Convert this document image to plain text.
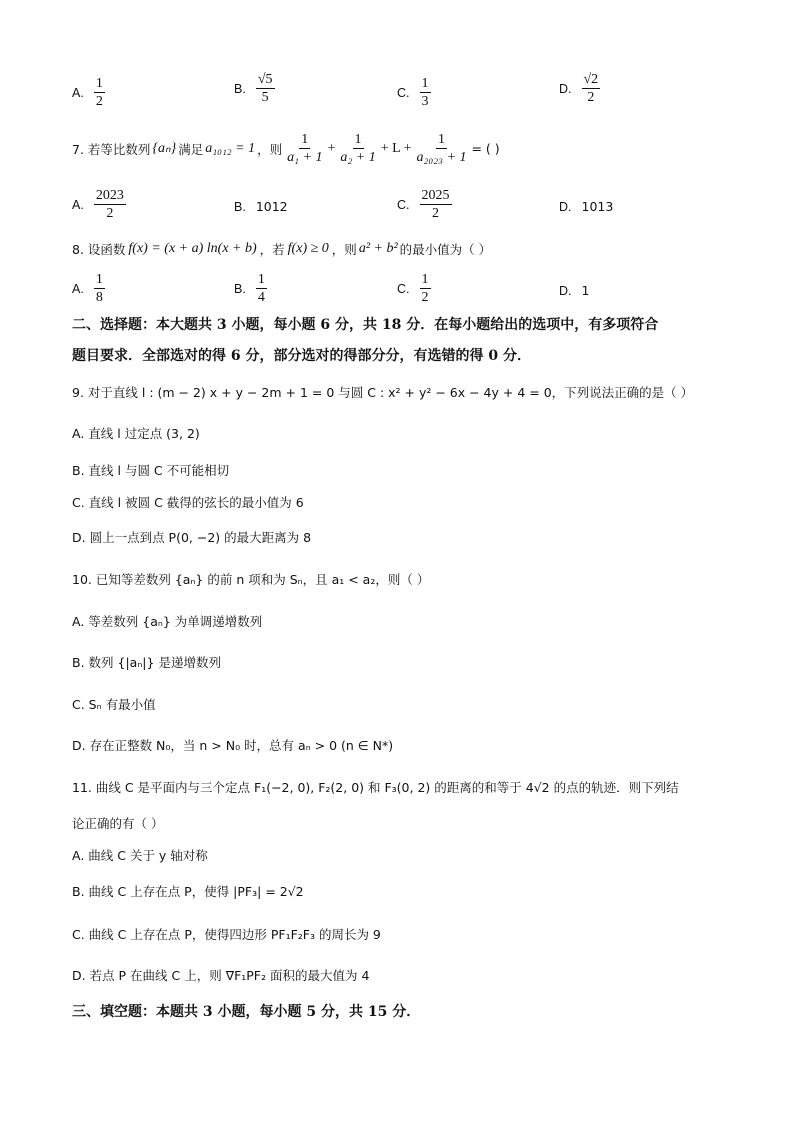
A. $\frac{1}{2}$	B. $\frac{√5}{5}$	C. $\frac{1}{3}$	D. $\frac{√2}{2}$
7. 若等比数列 {aₙ} 满足 a₁₀₁₂ = 1 ，则 $\frac{1}{\text{a₁ + 1}} + \frac{1}{\text{a₂ + 1}} + L + \frac{1}{\text{a₂₀₂₃ + 1}}$ = ( )
A. $\frac{2023}{2}$	B. 1012	C. $\frac{2025}{2}$	D. 1013
8. 设函数 f(x) = (x + a) ln(x + b) ，若 f(x) ≥ 0 ，则 a² + b² 的最小值为（ ）
A. $\frac{1}{8}$	B. $\frac{1}{4}$	C. $\frac{1}{2}$	D. 1
二、选择题：本大题共 3 小题，每小题 6 分，共 18 分．在每小题给出的选项中，有多项符合
题目要求．全部选对的得 6 分，部分选对的得部分分，有选错的得 0 分．
9. 对于直线 l : (m − 2) x + y − 2m + 1 = 0 与圆 C : x² + y² − 6x − 4y + 4 = 0，下列说法正确的是（ ）
A. 直线 l 过定点 (3, 2)
B. 直线 l 与圆 C 不可能相切
C. 直线 l 被圆 C 截得的弦长的最小值为 6
D. 圆上一点到点 P(0, −2) 的最大距离为 8
10. 已知等差数列 {aₙ} 的前 n 项和为 Sₙ，且 a₁ < a₂，则（ ）
A. 等差数列 {aₙ} 为单调递增数列
B. 数列 {|aₙ|} 是递增数列
C. Sₙ 有最小值
D. 存在正整数 N₀，当 n > N₀ 时，总有 aₙ > 0 (n ∈ N*)
11. 曲线 C 是平面内与三个定点 F₁(−2, 0), F₂(2, 0) 和 F₃(0, 2) 的距离的和等于 4√2 的点的轨迹．则下列结
论正确的有（ ）
A. 曲线 C 关于 y 轴对称
B. 曲线 C 上存在点 P，使得 |PF₃| = 2√2
C. 曲线 C 上存在点 P，使得四边形 PF₁F₂F₃ 的周长为 9
D. 若点 P 在曲线 C 上，则 ∇F₁PF₂ 面积的最大值为 4
三、填空题：本题共 3 小题，每小题 5 分，共 15 分．
